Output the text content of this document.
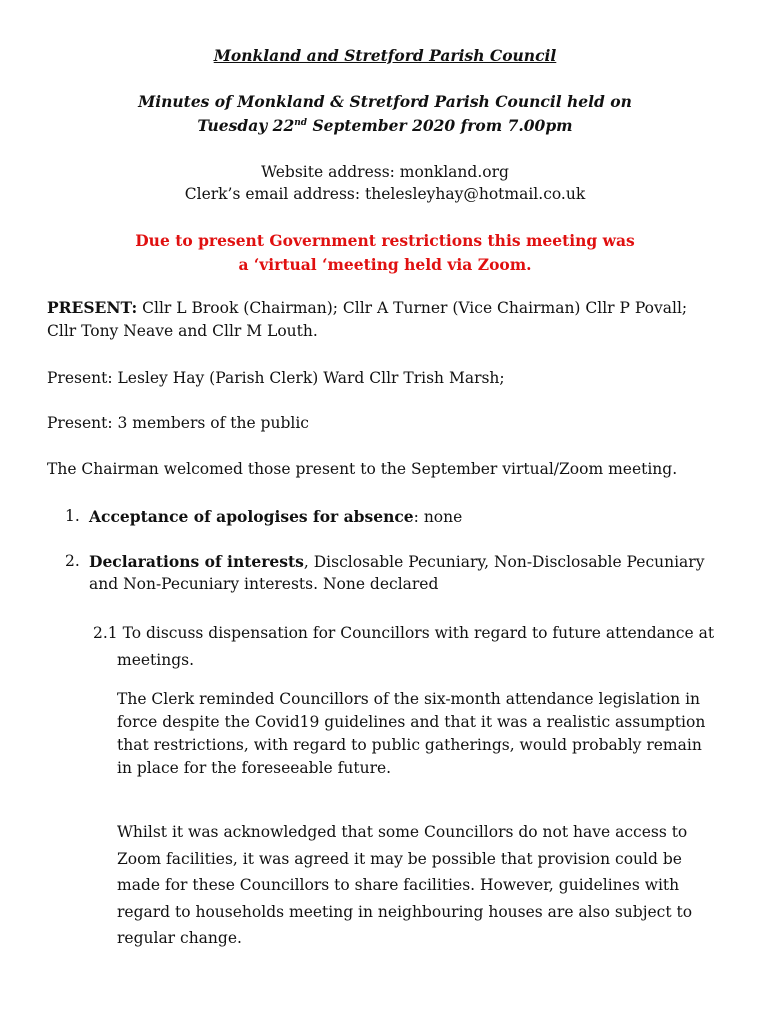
Monkland and Stretford Parish Council
Minutes of Monkland & Stretford Parish Council held on
Tuesday 22nd September 2020 from 7.00pm
Website address: monkland.org
Clerk’s email address: thelesleyhay@hotmail.co.uk
Due to present Government restrictions this meeting was
a ‘virtual ‘meeting held via Zoom.
PRESENT: Cllr L Brook (Chairman); Cllr A Turner (Vice Chairman) Cllr P Povall;
Cllr Tony Neave and Cllr M Louth.
Present: Lesley Hay (Parish Clerk) Ward Cllr Trish Marsh;
Present: 3 members of the public
The Chairman welcomed those present to the September virtual/Zoom meeting.
1. Acceptance of apologises for absence: none
2. Declarations of interests, Disclosable Pecuniary, Non-Disclosable Pecuniary
and Non-Pecuniary interests. None declared
2.1 To discuss dispensation for Councillors with regard to future attendance at
meetings.
The Clerk reminded Councillors of the six-month attendance legislation in
force despite the Covid19 guidelines and that it was a realistic assumption
that restrictions, with regard to public gatherings, would probably remain
in place for the foreseeable future.
Whilst it was acknowledged that some Councillors do not have access to
Zoom facilities, it was agreed it may be possible that provision could be
made for these Councillors to share facilities. However, guidelines with
regard to households meeting in neighbouring houses are also subject to
regular change.
